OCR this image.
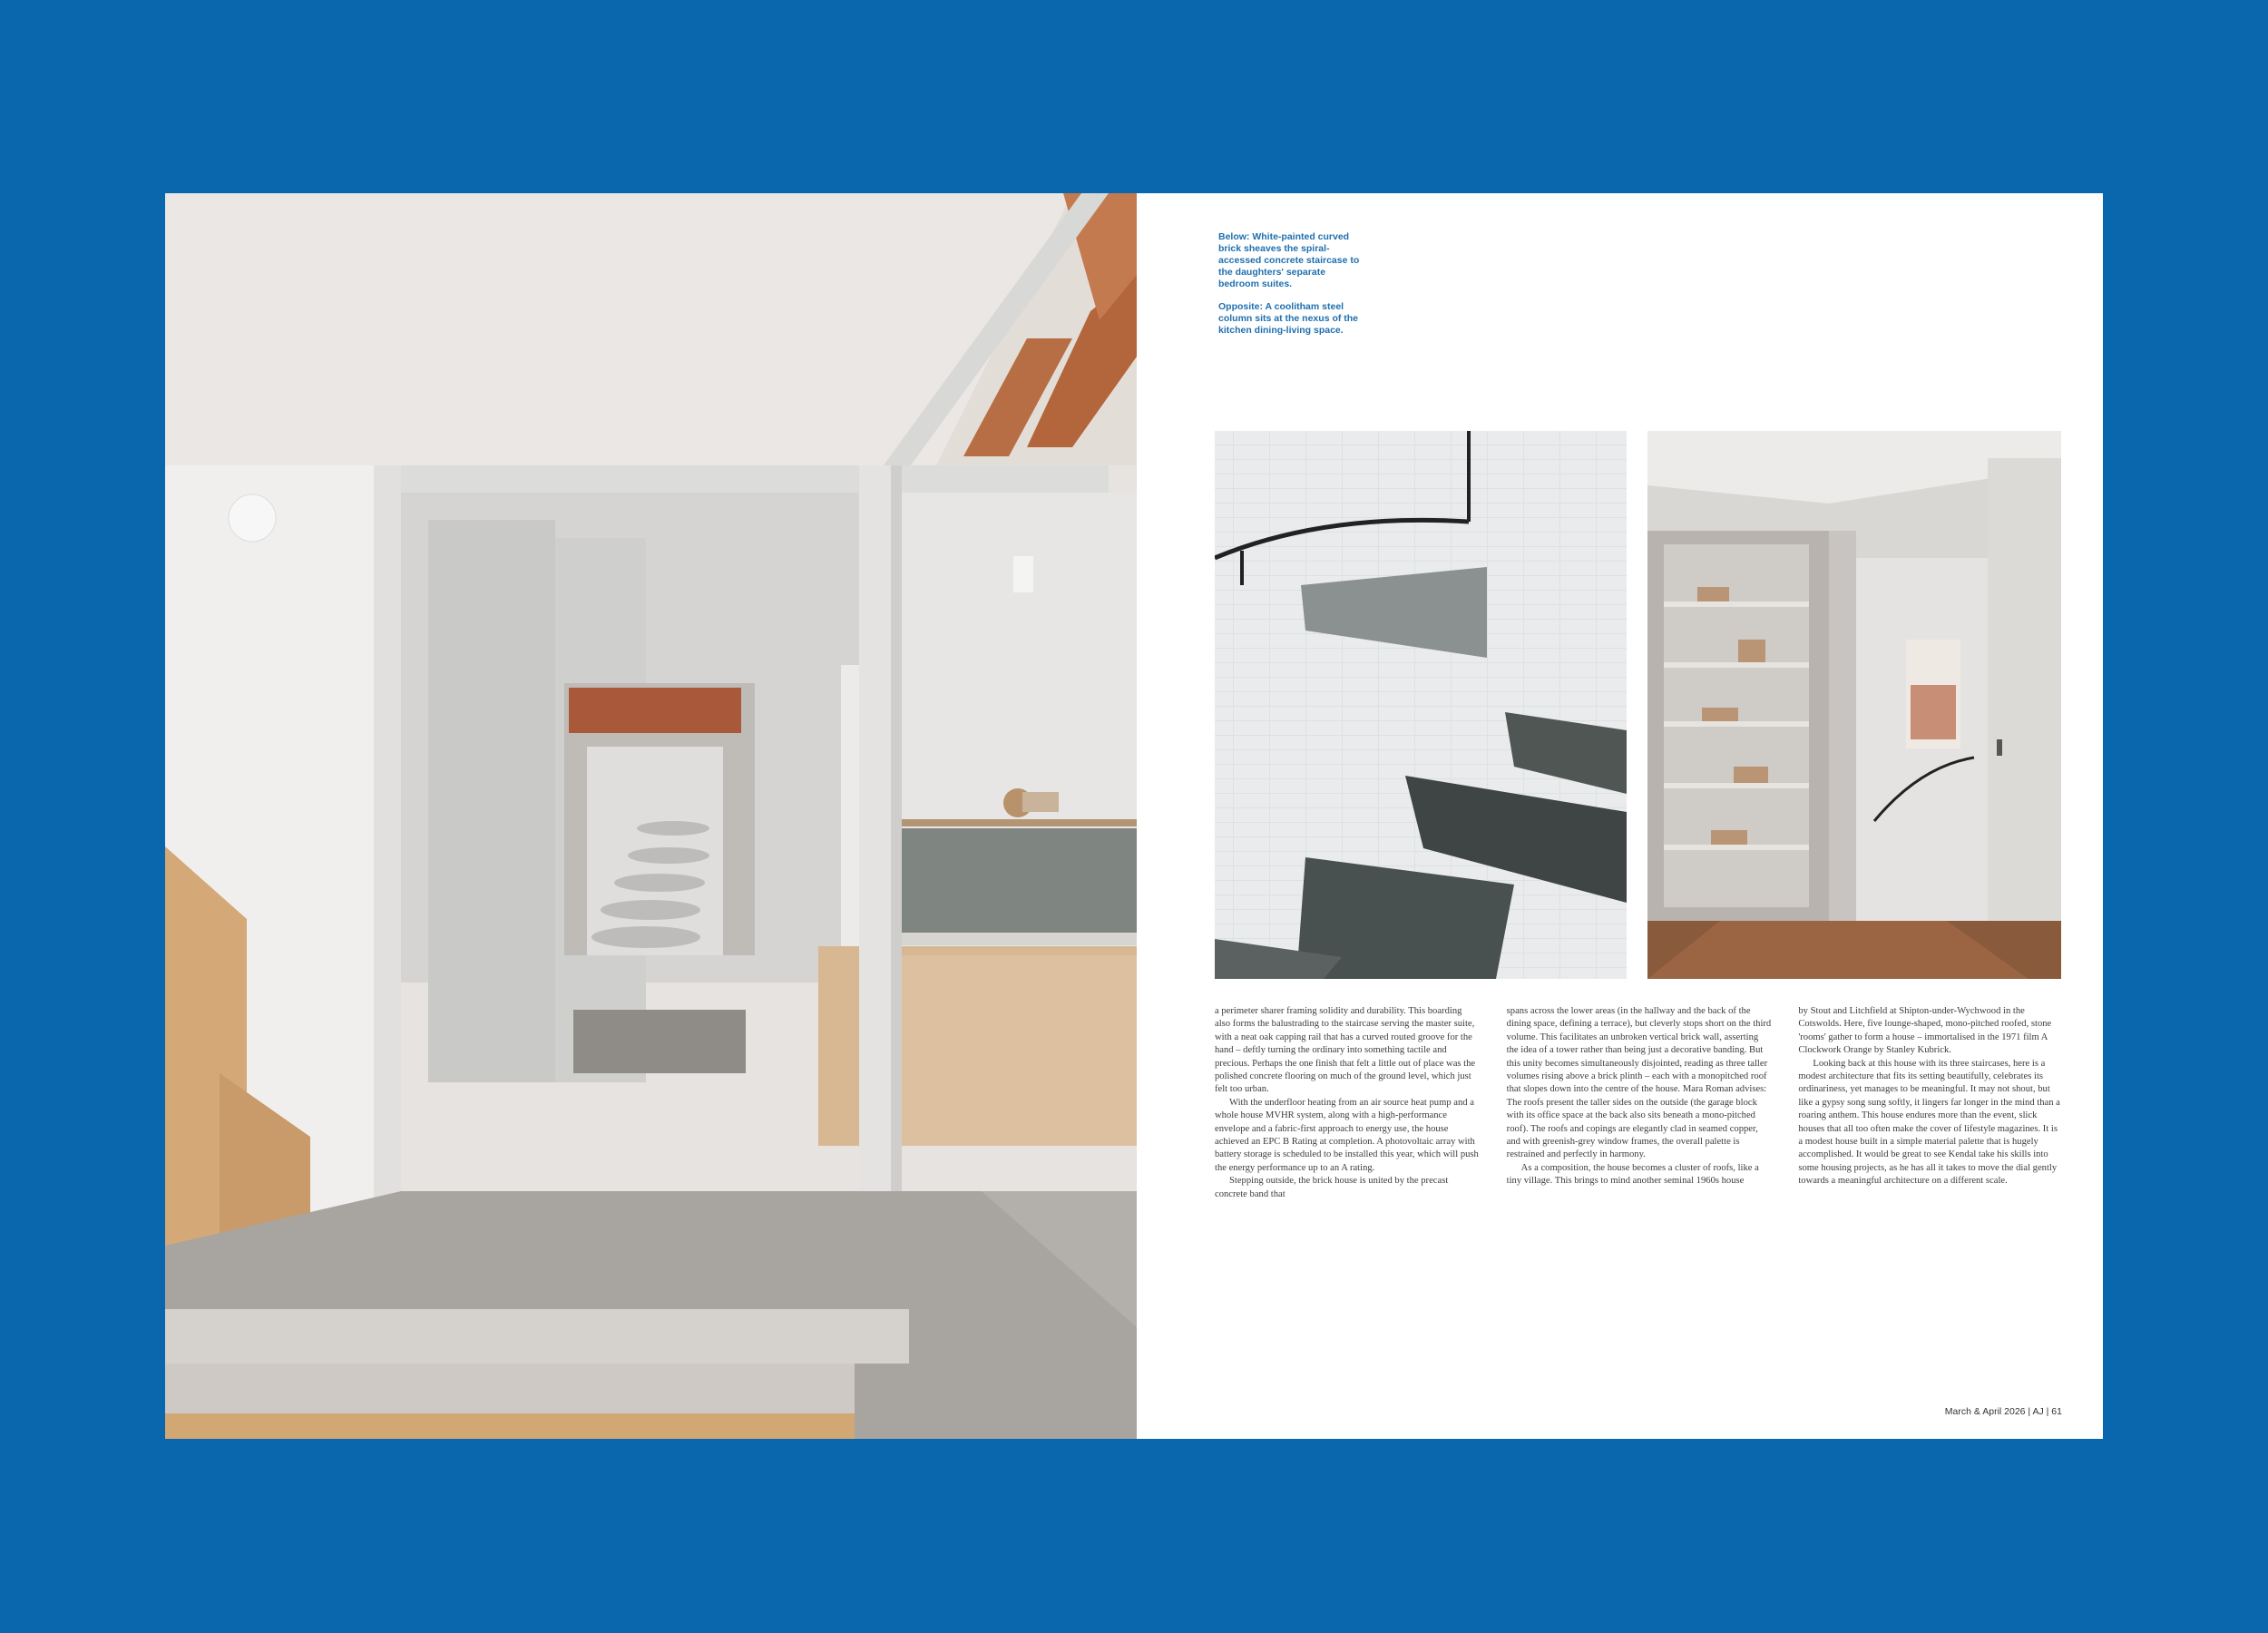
Below: White-painted curved brick sheaves the spiral-accessed concrete staircase to the daughters' separate bedroom suites.

Opposite: A coolitham steel column sits at the nexus of the kitchen dining-living space.

a perimeter sharer framing solidity and durability. This boarding also forms the balustrading to the staircase serving the master suite, with a neat oak capping rail that has a curved routed groove for the hand – deftly turning the ordinary into something tactile and precious. Perhaps the one finish that felt a little out of place was the polished concrete flooring on much of the ground level, which just felt too urban.

With the underfloor heating from an air source heat pump and a whole house MVHR system, along with a high-performance envelope and a fabric-first approach to energy use, the house achieved an EPC B Rating at completion. A photovoltaic array with battery storage is scheduled to be installed this year, which will push the energy performance up to an A rating.

Stepping outside, the brick house is united by the precast concrete band that

spans across the lower areas (in the hallway and the back of the dining space, defining a terrace), but cleverly stops short on the third volume. This facilitates an unbroken vertical brick wall, asserting the idea of a tower rather than being just a decorative banding. But this unity becomes simultaneously disjointed, reading as three taller volumes rising above a brick plinth – each with a monopitched roof that slopes down into the centre of the house. Mara Roman advises: The roofs present the taller sides on the outside (the garage block with its office space at the back also sits beneath a mono-pitched roof). The roofs and copings are elegantly clad in seamed copper, and with greenish-grey window frames, the overall palette is restrained and perfectly in harmony.

As a composition, the house becomes a cluster of roofs, like a tiny village. This brings to mind another seminal 1960s house

by Stout and Litchfield at Shipton-under-Wychwood in the Cotswolds. Here, five lounge-shaped, mono-pitched roofed, stone 'rooms' gather to form a house – immortalised in the 1971 film A Clockwork Orange by Stanley Kubrick.

Looking back at this house with its three staircases, here is a modest architecture that fits its setting beautifully, celebrates its ordinariness, yet manages to be meaningful. It may not shout, but like a gypsy song sung softly, it lingers far longer in the mind than a roaring anthem. This house endures more than the event, slick houses that all too often make the cover of lifestyle magazines. It is a modest house built in a simple material palette that is hugely accomplished. It would be great to see Kendal take his skills into some housing projects, as he has all it takes to move the dial gently towards a meaningful architecture on a different scale.

March & April 2026 | AJ | 61
